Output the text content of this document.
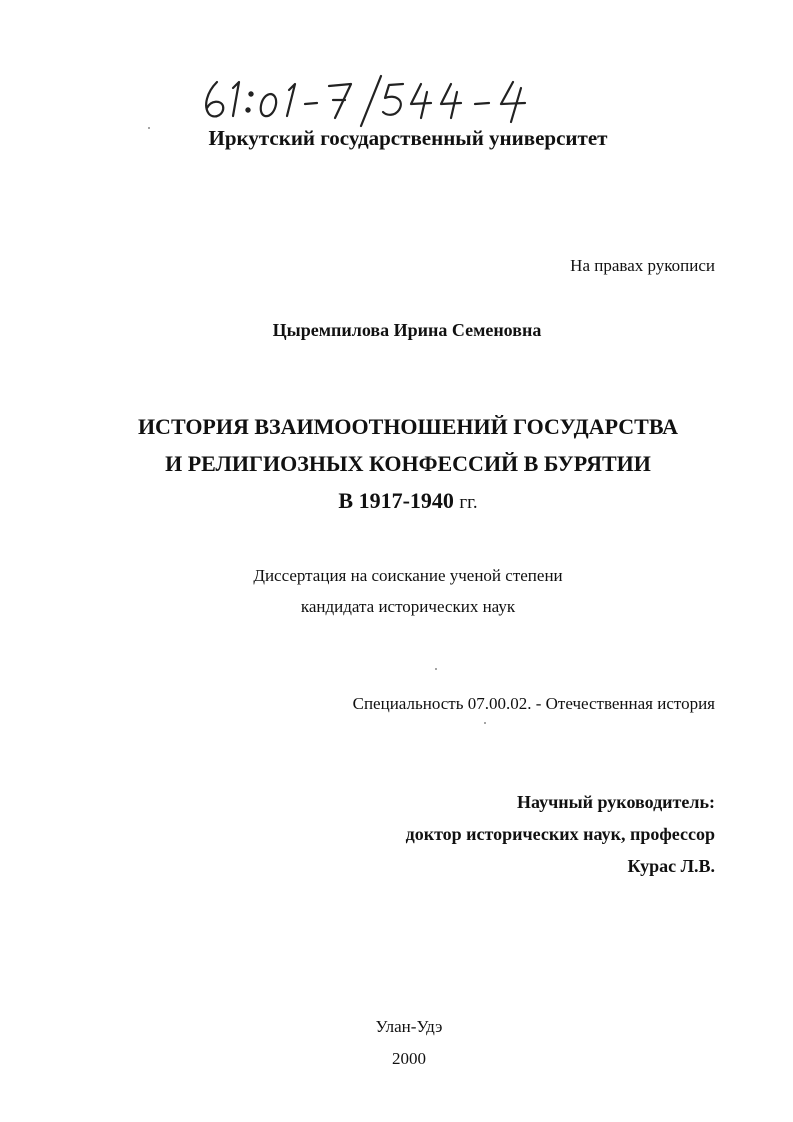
Иркутский государственный университет
На правах рукописи
Цыремпилова Ирина Семеновна
ИСТОРИЯ ВЗАИМООТНОШЕНИЙ ГОСУДАРСТВА
И РЕЛИГИОЗНЫХ КОНФЕССИЙ В БУРЯТИИ
В 1917-1940 гг.
Диссертация на соискание ученой степени
кандидата исторических наук
Специальность 07.00.02. - Отечественная история
Научный руководитель:
доктор исторических наук, профессор
Курас Л.В.
Улан-Удэ
2000
